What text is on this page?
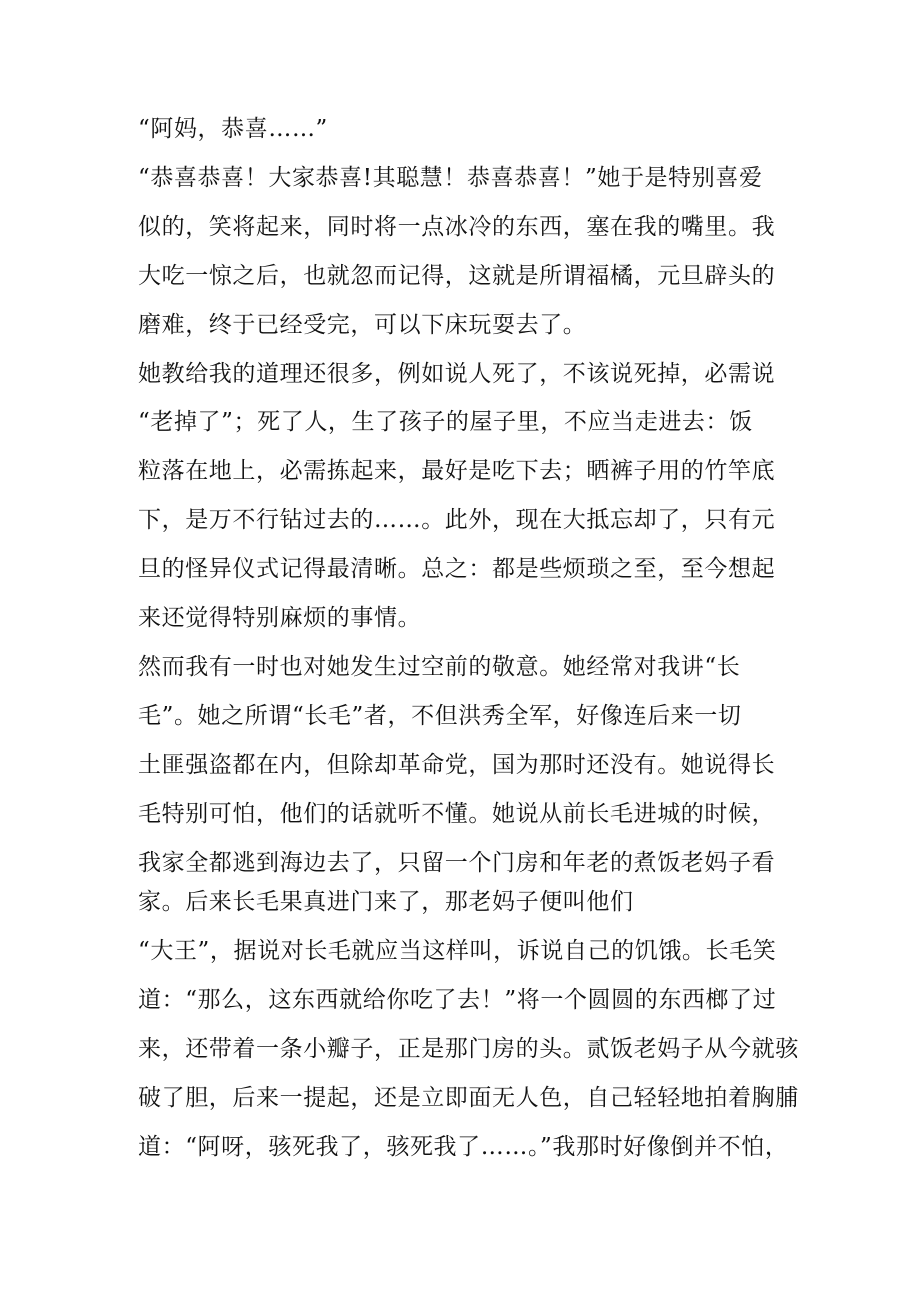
“阿妈，恭喜……”
“恭喜恭喜！大家恭喜!其聪慧！恭喜恭喜！”她于是特别喜爱
似的，笑将起来，同时将一点冰冷的东西，塞在我的嘴里。我
大吃一惊之后，也就忽而记得，这就是所谓福橘，元旦辟头的
磨难，终于已经受完，可以下床玩耍去了。
她教给我的道理还很多，例如说人死了，不该说死掉，必需说
“老掉了”；死了人，生了孩子的屋子里，不应当走进去：饭
粒落在地上，必需拣起来，最好是吃下去；晒裤子用的竹竿底
下，是万不行钻过去的……。此外，现在大抵忘却了，只有元
旦的怪异仪式记得最清晰。总之：都是些烦琐之至，至今想起
来还觉得特别麻烦的事情。
然而我有一时也对她发生过空前的敬意。她经常对我讲“长
毛”。她之所谓“长毛”者，不但洪秀全军，好像连后来一切
土匪强盗都在内，但除却革命党，国为那时还没有。她说得长
毛特别可怕，他们的话就听不懂。她说从前长毛进城的时候，
我家全都逃到海边去了，只留一个门房和年老的煮饭老妈子看
家。后来长毛果真进门来了，那老妈子便叫他们
“大王”，据说对长毛就应当这样叫，诉说自己的饥饿。长毛笑
道：“那么，这东西就给你吃了去！”将一个圆圆的东西榔了过
来，还带着一条小瓣子，正是那门房的头。贰饭老妈子从今就骇
破了胆，后来一提起，还是立即面无人色，自己轻轻地拍着胸脯
道：“阿呀，骇死我了，骇死我了……。”我那时好像倒并不怕，
